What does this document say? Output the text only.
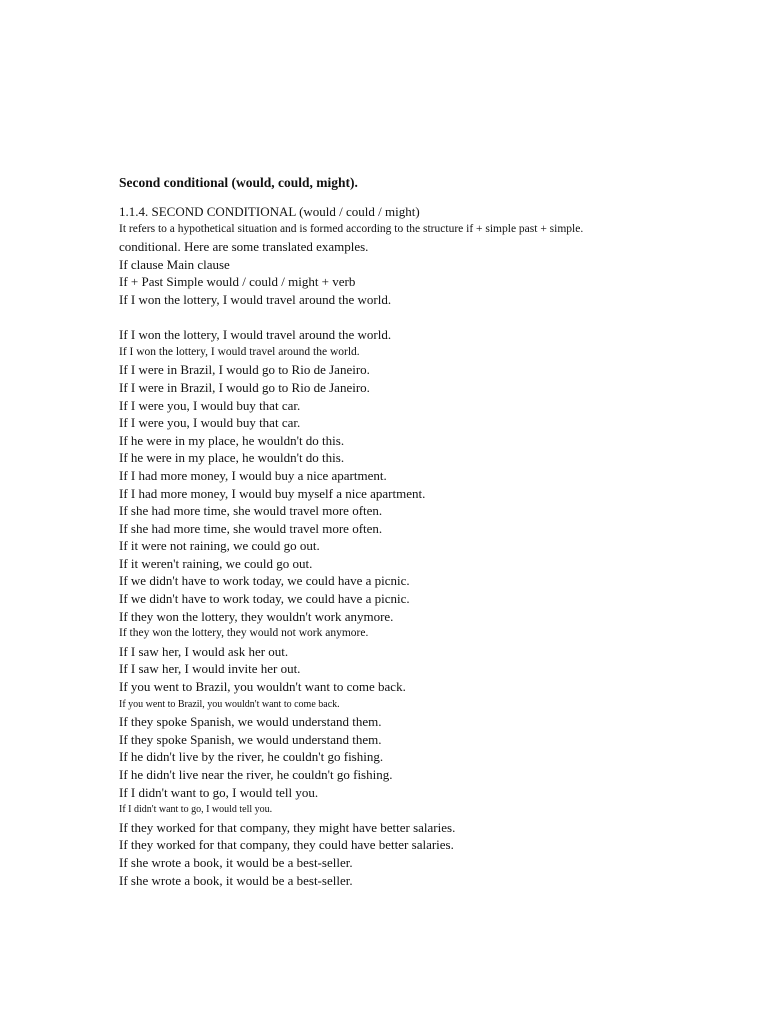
Second conditional (would, could, might).
1.1.4. SECOND CONDITIONAL (would / could / might)
It refers to a hypothetical situation and is formed according to the structure if + simple past + simple.
conditional. Here are some translated examples.
If clause Main clause
If + Past Simple would / could / might + verb
If I won the lottery, I would travel around the world.
If I won the lottery, I would travel around the world.
If I won the lottery, I would travel around the world.
If I were in Brazil, I would go to Rio de Janeiro.
If I were in Brazil, I would go to Rio de Janeiro.
If I were you, I would buy that car.
If I were you, I would buy that car.
If he were in my place, he wouldn't do this.
If he were in my place, he wouldn't do this.
If I had more money, I would buy a nice apartment.
If I had more money, I would buy myself a nice apartment.
If she had more time, she would travel more often.
If she had more time, she would travel more often.
If it were not raining, we could go out.
If it weren't raining, we could go out.
If we didn't have to work today, we could have a picnic.
If we didn't have to work today, we could have a picnic.
If they won the lottery, they wouldn't work anymore.
If they won the lottery, they would not work anymore.
If I saw her, I would ask her out.
If I saw her, I would invite her out.
If you went to Brazil, you wouldn't want to come back.
If you went to Brazil, you wouldn't want to come back.
If they spoke Spanish, we would understand them.
If they spoke Spanish, we would understand them.
If he didn't live by the river, he couldn't go fishing.
If he didn't live near the river, he couldn't go fishing.
If I didn't want to go, I would tell you.
If I didn't want to go, I would tell you.
If they worked for that company, they might have better salaries.
If they worked for that company, they could have better salaries.
If she wrote a book, it would be a best-seller.
If she wrote a book, it would be a best-seller.
